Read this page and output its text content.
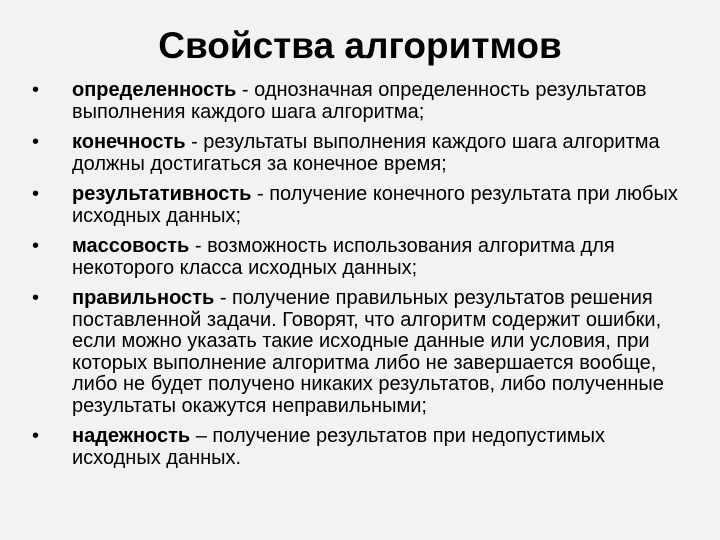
Свойства алгоритмов
• определенность - однозначная определенность результатов выполнения каждого шага алгоритма;
• конечность - результаты выполнения каждого шага алгоритма должны достигаться за конечное время;
• результативность - получение конечного результата при любых исходных данных;
• массовость - возможность использования алгоритма для некоторого класса исходных данных;
• правильность - получение правильных результатов решения поставленной задачи. Говорят, что алгоритм содержит ошибки, если можно указать такие исходные данные или условия, при которых выполнение алгоритма либо не завершается вообще, либо не будет получено никаких результатов, либо полученные результаты окажутся неправильными;
• надежность – получение результатов при недопустимых исходных данных.
